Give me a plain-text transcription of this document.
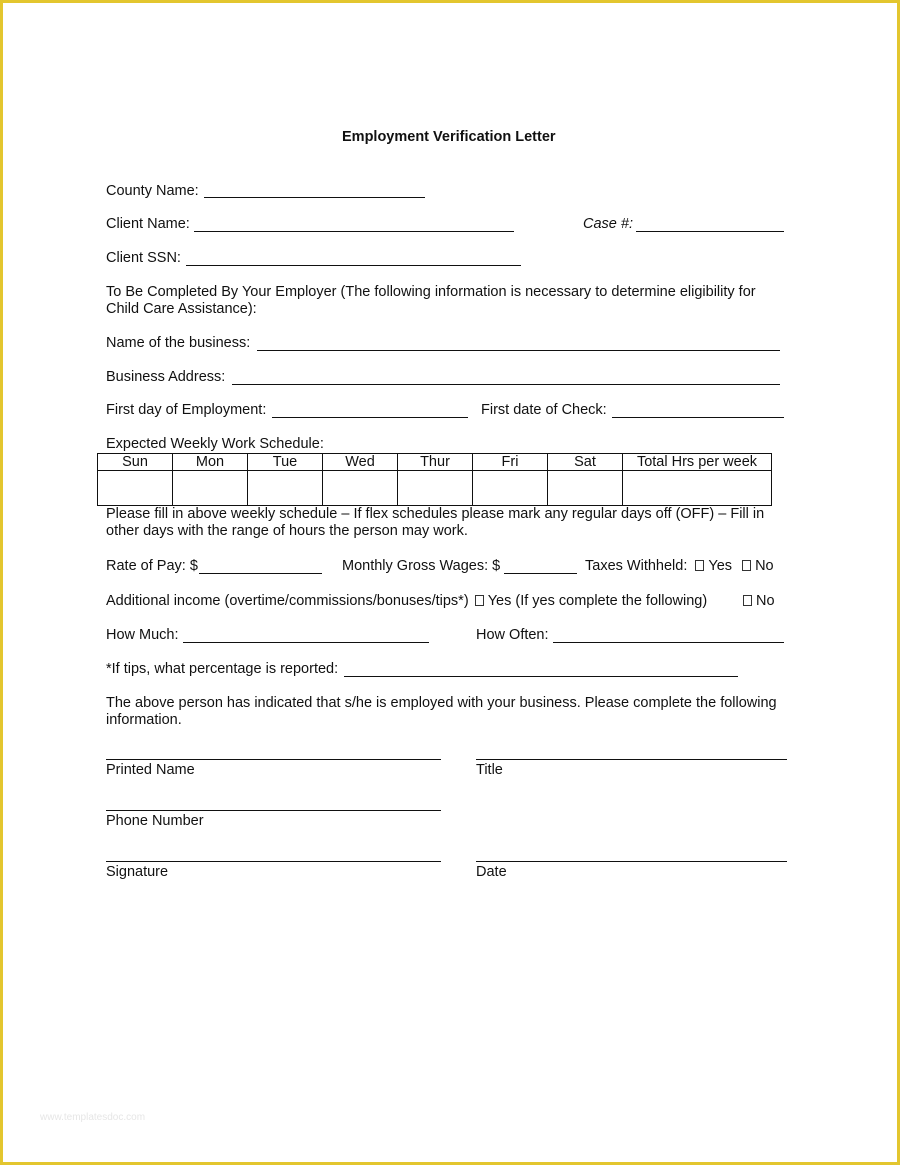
Employment Verification Letter
County Name:
Client Name:	Case #:
Client SSN:
To Be Completed By Your Employer (The following information is necessary to determine eligibility for Child Care Assistance):
Name of the business:
Business Address:
First day of Employment:	First date of Check:
Expected Weekly Work Schedule:
Sun	Mon	Tue	Wed	Thur	Fri	Sat	Total Hrs per week

Please fill in above weekly schedule – If flex schedules please mark any regular days off (OFF) – Fill in other days with the range of hours the person may work.
Rate of Pay: $	Monthly Gross Wages: $	Taxes Withheld: Yes No
Additional income (overtime/commissions/bonuses/tips*) Yes (If yes complete the following)	No
How Much:	How Often:
*If tips, what percentage is reported:
The above person has indicated that s/he is employed with your business. Please complete the following information.
Printed Name	Title
Phone Number
Signature	Date
www.templatesdoc.com
